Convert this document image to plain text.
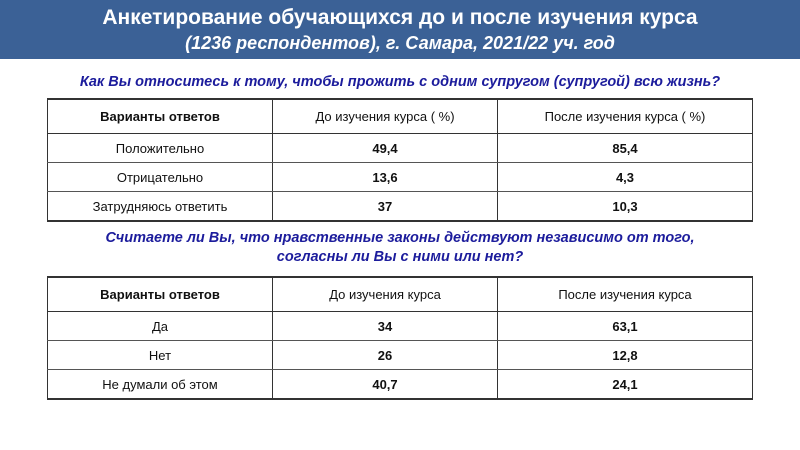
Анкетирование обучающихся до и после изучения курса
(1236 респондентов), г. Самара, 2021/22 уч. год
Как Вы относитесь к тому, чтобы прожить с одним супругом (супругой) всю жизнь?
Варианты ответов	До изучения курса ( %)	После изучения курса ( %)
Положительно	49,4	85,4
Отрицательно	13,6	4,3
Затрудняюсь ответить	37	10,3
Считаете ли Вы, что нравственные законы действуют независимо от того,
согласны ли Вы с ними или нет?
Варианты ответов	До изучения курса	После изучения курса
Да	34	63,1
Нет	26	12,8
Не думали об этом	40,7	24,1
